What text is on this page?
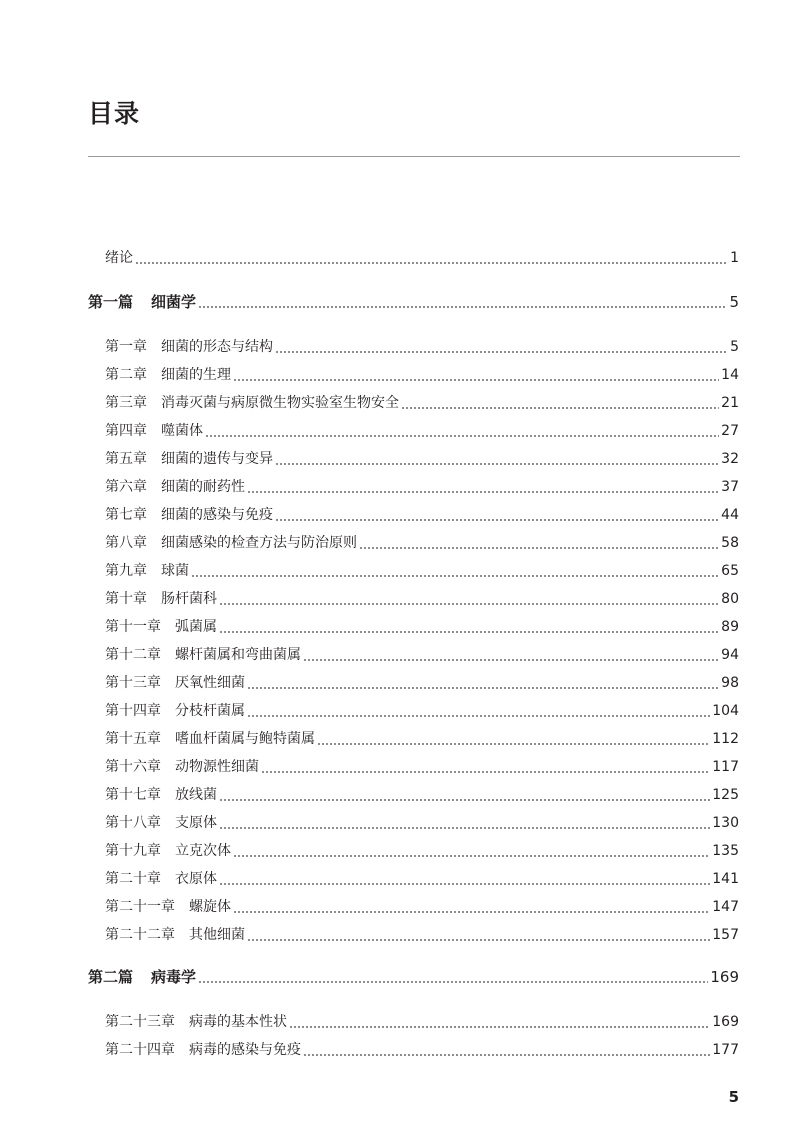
目录
绪论	1
第一篇 细菌学	5
第一章 细菌的形态与结构	5
第二章 细菌的生理	14
第三章 消毒灭菌与病原微生物实验室生物安全	21
第四章 噬菌体	27
第五章 细菌的遗传与变异	32
第六章 细菌的耐药性	37
第七章 细菌的感染与免疫	44
第八章 细菌感染的检查方法与防治原则	58
第九章 球菌	65
第十章 肠杆菌科	80
第十一章 弧菌属	89
第十二章 螺杆菌属和弯曲菌属	94
第十三章 厌氧性细菌	98
第十四章 分枝杆菌属	104
第十五章 嗜血杆菌属与鲍特菌属	112
第十六章 动物源性细菌	117
第十七章 放线菌	125
第十八章 支原体	130
第十九章 立克次体	135
第二十章 衣原体	141
第二十一章 螺旋体	147
第二十二章 其他细菌	157
第二篇 病毒学	169
第二十三章 病毒的基本性状	169
第二十四章 病毒的感染与免疫	177
5
